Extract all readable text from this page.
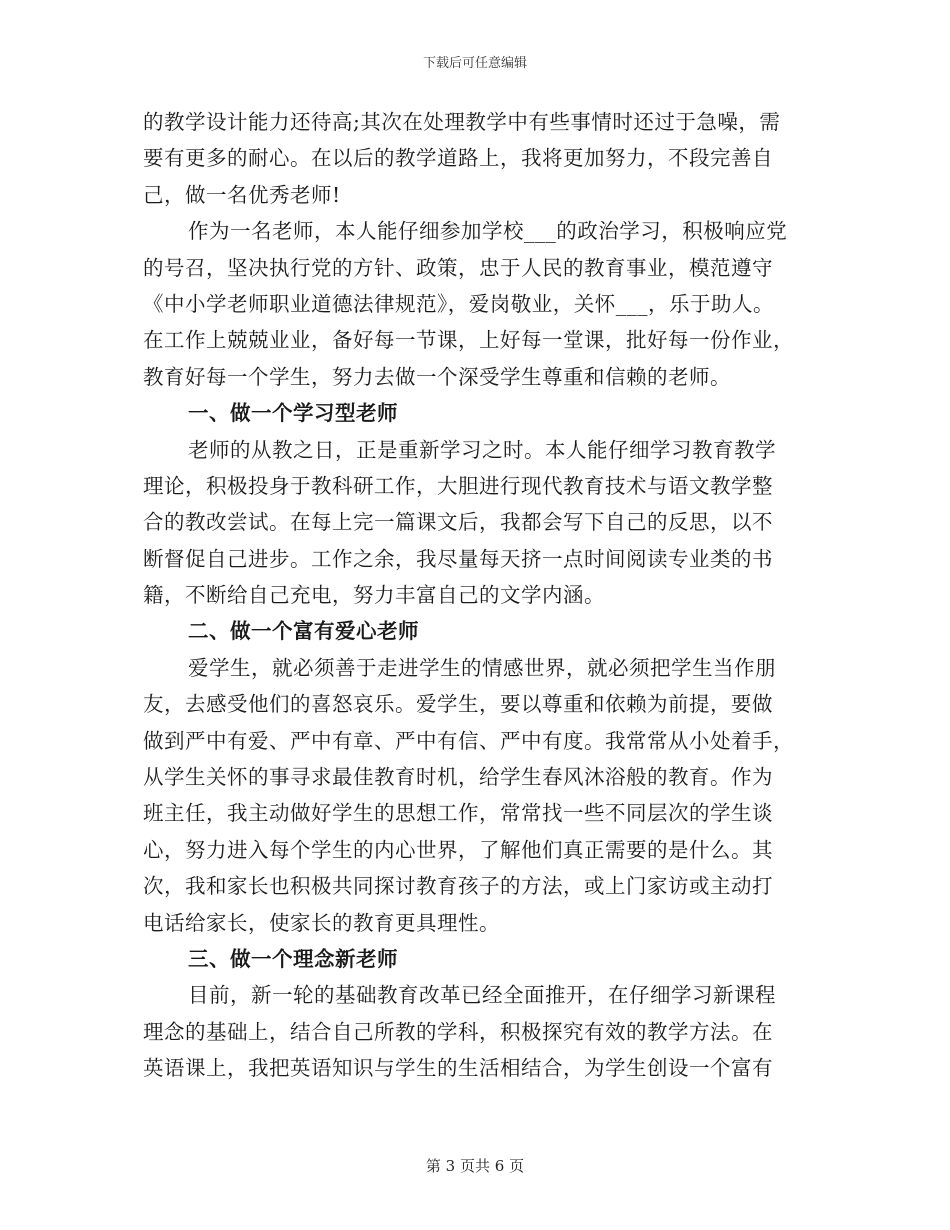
下载后可任意编辑
的教学设计能力还待高;其次在处理教学中有些事情时还过于急噪，需
要有更多的耐心。在以后的教学道路上，我将更加努力，不段完善自
己，做一名优秀老师!
作为一名老师，本人能仔细参加学校___的政治学习，积极响应党
的号召，坚决执行党的方针、政策，忠于人民的教育事业，模范遵守
《中小学老师职业道德法律规范》，爱岗敬业，关怀___，乐于助人。
在工作上兢兢业业，备好每一节课，上好每一堂课，批好每一份作业，
教育好每一个学生，努力去做一个深受学生尊重和信赖的老师。
一、做一个学习型老师
老师的从教之日，正是重新学习之时。本人能仔细学习教育教学
理论，积极投身于教科研工作，大胆进行现代教育技术与语文教学整
合的教改尝试。在每上完一篇课文后，我都会写下自己的反思，以不
断督促自己进步。工作之余，我尽量每天挤一点时间阅读专业类的书
籍，不断给自己充电，努力丰富自己的文学内涵。
二、做一个富有爱心老师
爱学生，就必须善于走进学生的情感世界，就必须把学生当作朋
友，去感受他们的喜怒哀乐。爱学生，要以尊重和依赖为前提，要做
做到严中有爱、严中有章、严中有信、严中有度。我常常从小处着手，
从学生关怀的事寻求最佳教育时机，给学生春风沐浴般的教育。作为
班主任，我主动做好学生的思想工作，常常找一些不同层次的学生谈
心，努力进入每个学生的内心世界，了解他们真正需要的是什么。其
次，我和家长也积极共同探讨教育孩子的方法，或上门家访或主动打
电话给家长，使家长的教育更具理性。
三、做一个理念新老师
目前，新一轮的基础教育改革已经全面推开，在仔细学习新课程
理念的基础上，结合自己所教的学科，积极探究有效的教学方法。在
英语课上，我把英语知识与学生的生活相结合，为学生创设一个富有
第 3 页共 6 页
